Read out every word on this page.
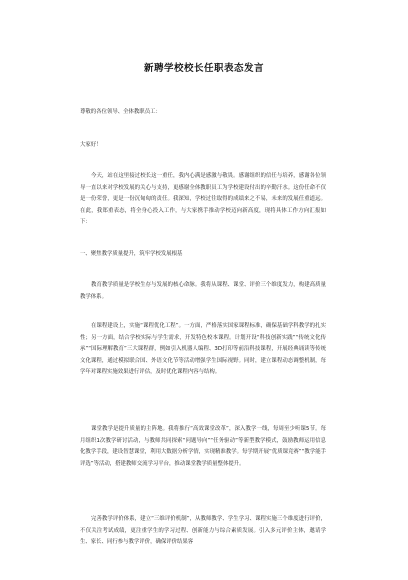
新聘学校校长任职表态发言
尊敬的各位领导、全体教职员工：
大家好！
今天，站在这里接过校长这一重任，我内心满是感激与敬畏。感谢组织的信任与培养，感谢各位领导一直以来对学校发展的关心与支持，更感谢全体教职员工为学校建设付出的辛勤汗水。这份任命不仅是一份荣誉，更是一份沉甸甸的责任。我深知，学校过往取得的成绩来之不易，未来的发展任重道远。在此，我郑重表态，将全身心投入工作，与大家携手推动学校迈向新高度，现将具体工作方向汇报如下：
一、聚焦教学质量提升，筑牢学校发展根基
教育教学质量是学校生存与发展的核心命脉。我将从课程、课堂、评价三个维度发力，构建高质量教学体系。
在课程建设上，实施“课程优化工程”。一方面，严格落实国家课程标准，确保基础学科教学的扎实性；另一方面，结合学校实际与学生需求，开发特色校本课程。计划开设“科技创新实践”“传统文化传承”“国际理解教育”三大课程群，例如引入机器人编程、3D打印等前沿科技课程，开展经典诵读等传统文化课程，通过模拟联合国、外语文化节等活动增强学生国际视野。同时，建立课程动态调整机制，每学年对课程实施效果进行评估，及时优化课程内容与结构。
课堂教学是提升质量的主阵地。我将推行“高效课堂改革”，深入教学一线，每周至少听课5节。每月组织1次教学研讨活动，与教师共同探索“问题导向”“任务驱动”等新型教学模式，鼓励教师运用信息化教学手段，建设智慧课堂，利用大数据分析学情，实现精准教学。每学期开展“优质课竞赛”“教学能手评选”等活动，搭建教师交流学习平台，推动课堂教学质量整体提升。
完善教学评价体系，建立“三维评价机制”，从教师教学、学生学习、课程实施三个维度进行评价，不仅关注考试成绩，更注重学生的学习过程、创新能力与综合素质发展。引入多元评价主体，邀请学生、家长、同行参与教学评价，确保评价结果客
